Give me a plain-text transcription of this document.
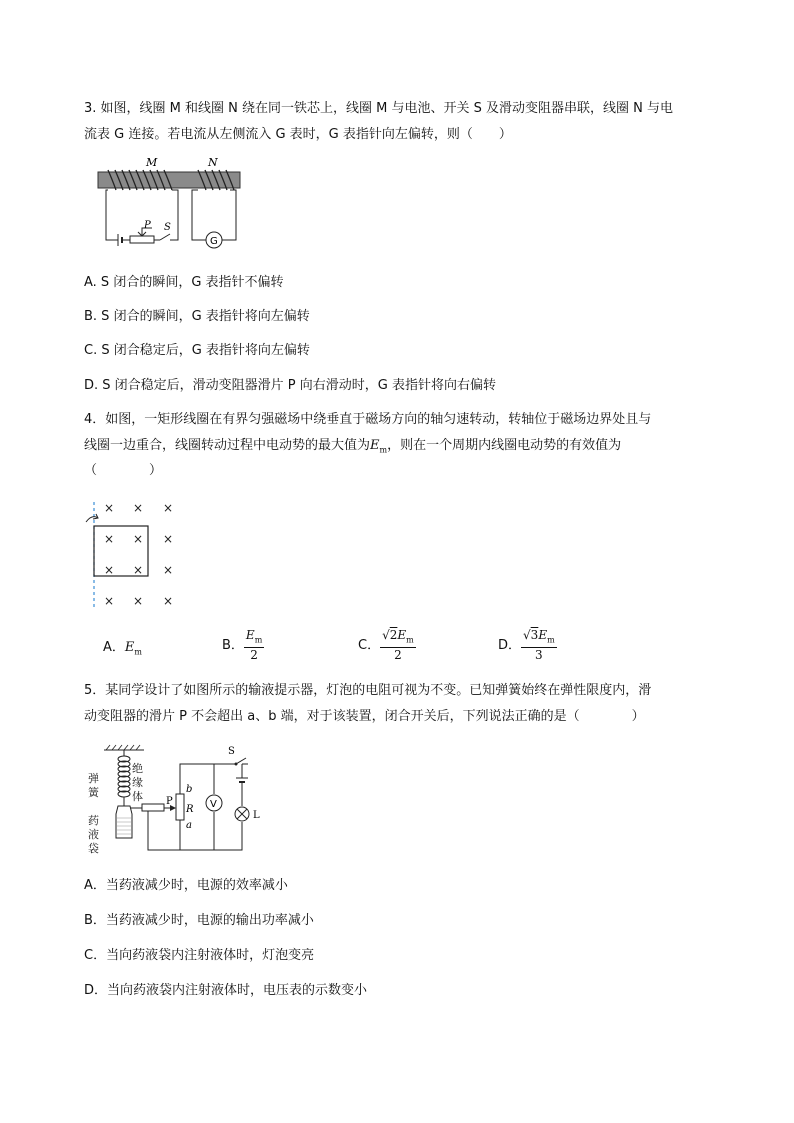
3. 如图，线圈 M 和线圈 N 绕在同一铁芯上，线圈 M 与电池、开关 S 及滑动变阻器串联，线圈 N 与电
流表 G 连接。若电流从左侧流入 G 表时，G 表指针向左偏转，则（　　）
M	N
P S
G
A. S 闭合的瞬间，G 表指针不偏转
B. S 闭合的瞬间，G 表指针将向左偏转
C. S 闭合稳定后，G 表指针将向左偏转
D. S 闭合稳定后，滑动变阻器滑片 P 向右滑动时，G 表指针将向右偏转
4．如图，一矩形线圈在有界匀强磁场中绕垂直于磁场方向的轴匀速转动，转轴位于磁场边界处且与
线圈一边重合，线圈转动过程中电动势的最大值为$E_m$，则在一个周期内线圈电动势的有效值为
（　　　　）
× × ×
× × ×
× × ×
× × ×
A．$E_m$	B． $\frac{E_m}{2}$	C． $\frac{√2E_m}{2}$	D． $\frac{√3E_m}{3}$
5．某同学设计了如图所示的输液提示器，灯泡的电阻可视为不变。已知弹簧始终在弹性限度内，滑
动变阻器的滑片 P 不会超出 a、b 端，对于该装置，闭合开关后，下列说法正确的是（　　　　）
弹
簧
绝
缘
体
药
液
袋
P
b
R
a
S
V
L
A．当药液减少时，电源的效率减小
B．当药液减少时，电源的输出功率减小
C．当向药液袋内注射液体时，灯泡变亮
D．当向药液袋内注射液体时，电压表的示数变小
